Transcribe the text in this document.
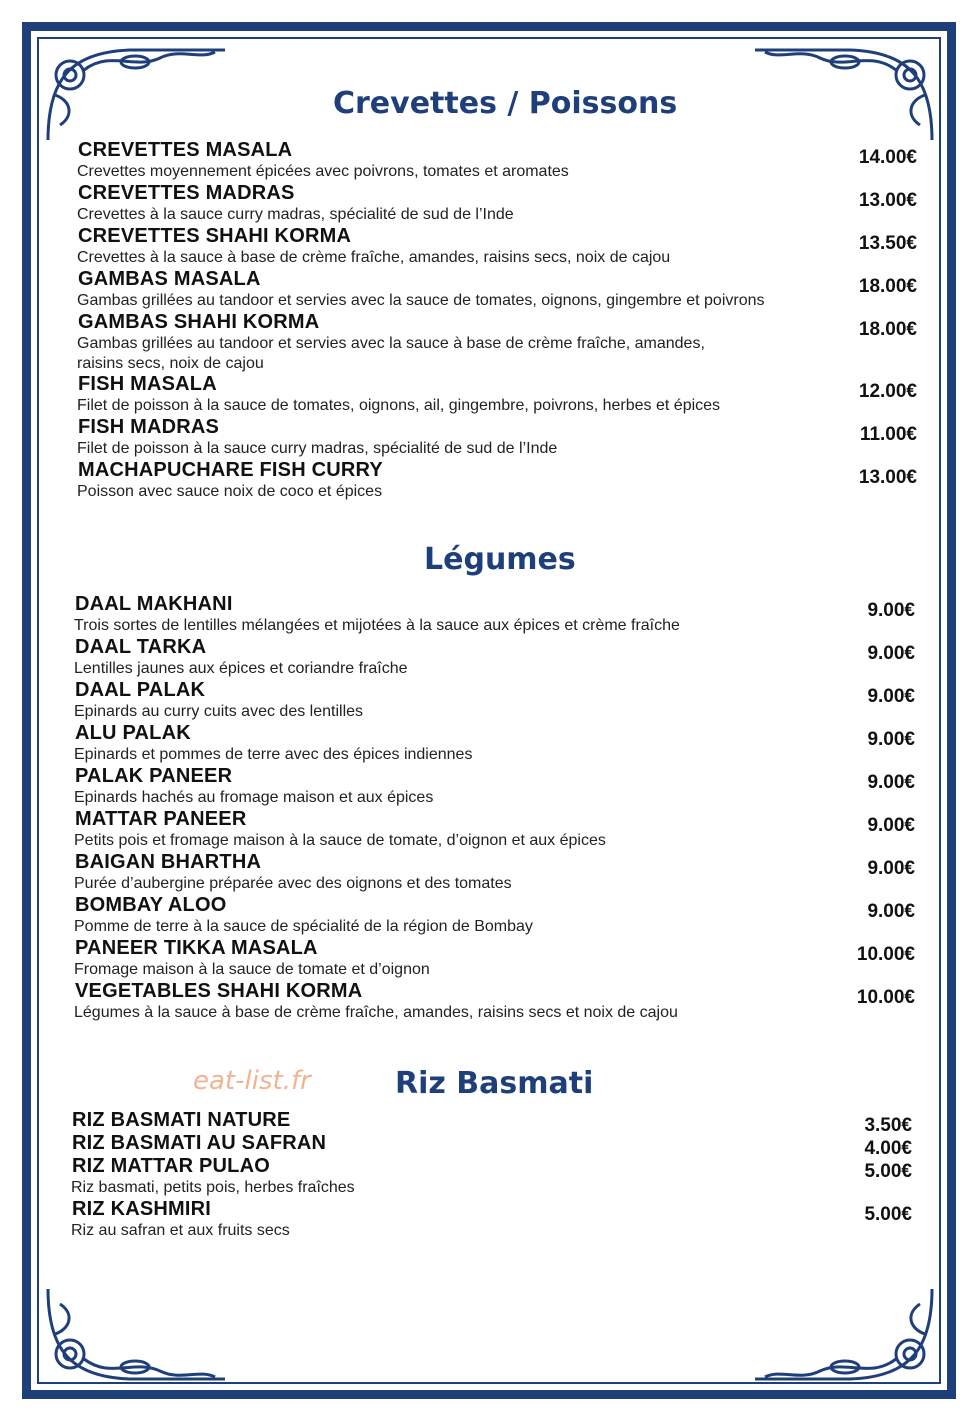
Crevettes / Poissons
Légumes
Riz Basmati
eat-list.fr
CREVETTES MASALA
Crevettes moyennement épicées avec poivrons, tomates et aromates
14.00€
CREVETTES MADRAS
Crevettes à la sauce curry madras, spécialité de sud de l’Inde
13.00€
CREVETTES SHAHI KORMA
Crevettes à la sauce à base de crème fraîche, amandes, raisins secs, noix de cajou
13.50€
GAMBAS MASALA
Gambas grillées au tandoor et servies avec la sauce de tomates, oignons, gingembre et poivrons
18.00€
GAMBAS SHAHI KORMA
Gambas grillées au tandoor et servies avec la sauce à base de crème fraîche, amandes,
raisins secs, noix de cajou
18.00€
FISH MASALA
Filet de poisson à la sauce de tomates, oignons, ail, gingembre, poivrons, herbes et épices
12.00€
FISH MADRAS
Filet de poisson à la sauce curry madras, spécialité de sud de l’Inde
11.00€
MACHAPUCHARE FISH CURRY
Poisson avec sauce noix de coco et épices
13.00€
DAAL MAKHANI
Trois sortes de lentilles mélangées et mijotées à la sauce aux épices et crème fraîche
9.00€
DAAL TARKA
Lentilles jaunes aux épices et coriandre fraîche
9.00€
DAAL PALAK
Epinards au curry cuits avec des lentilles
9.00€
ALU PALAK
Epinards et pommes de terre avec des épices indiennes
9.00€
PALAK PANEER
Epinards hachés au fromage maison et aux épices
9.00€
MATTAR PANEER
Petits pois et fromage maison à la sauce de tomate, d’oignon et aux épices
9.00€
BAIGAN BHARTHA
Purée d’aubergine préparée avec des oignons et des tomates
9.00€
BOMBAY ALOO
Pomme de terre à la sauce de spécialité de la région de Bombay
9.00€
PANEER TIKKA MASALA
Fromage maison à la sauce de tomate et d’oignon
10.00€
VEGETABLES SHAHI KORMA
Légumes à la sauce à base de crème fraîche, amandes, raisins secs et noix de cajou
10.00€
RIZ BASMATI NATURE	3.50€
RIZ BASMATI AU SAFRAN	4.00€
RIZ MATTAR PULAO
Riz basmati, petits pois, herbes fraîches
5.00€
RIZ KASHMIRI
Riz au safran et aux fruits secs
5.00€
